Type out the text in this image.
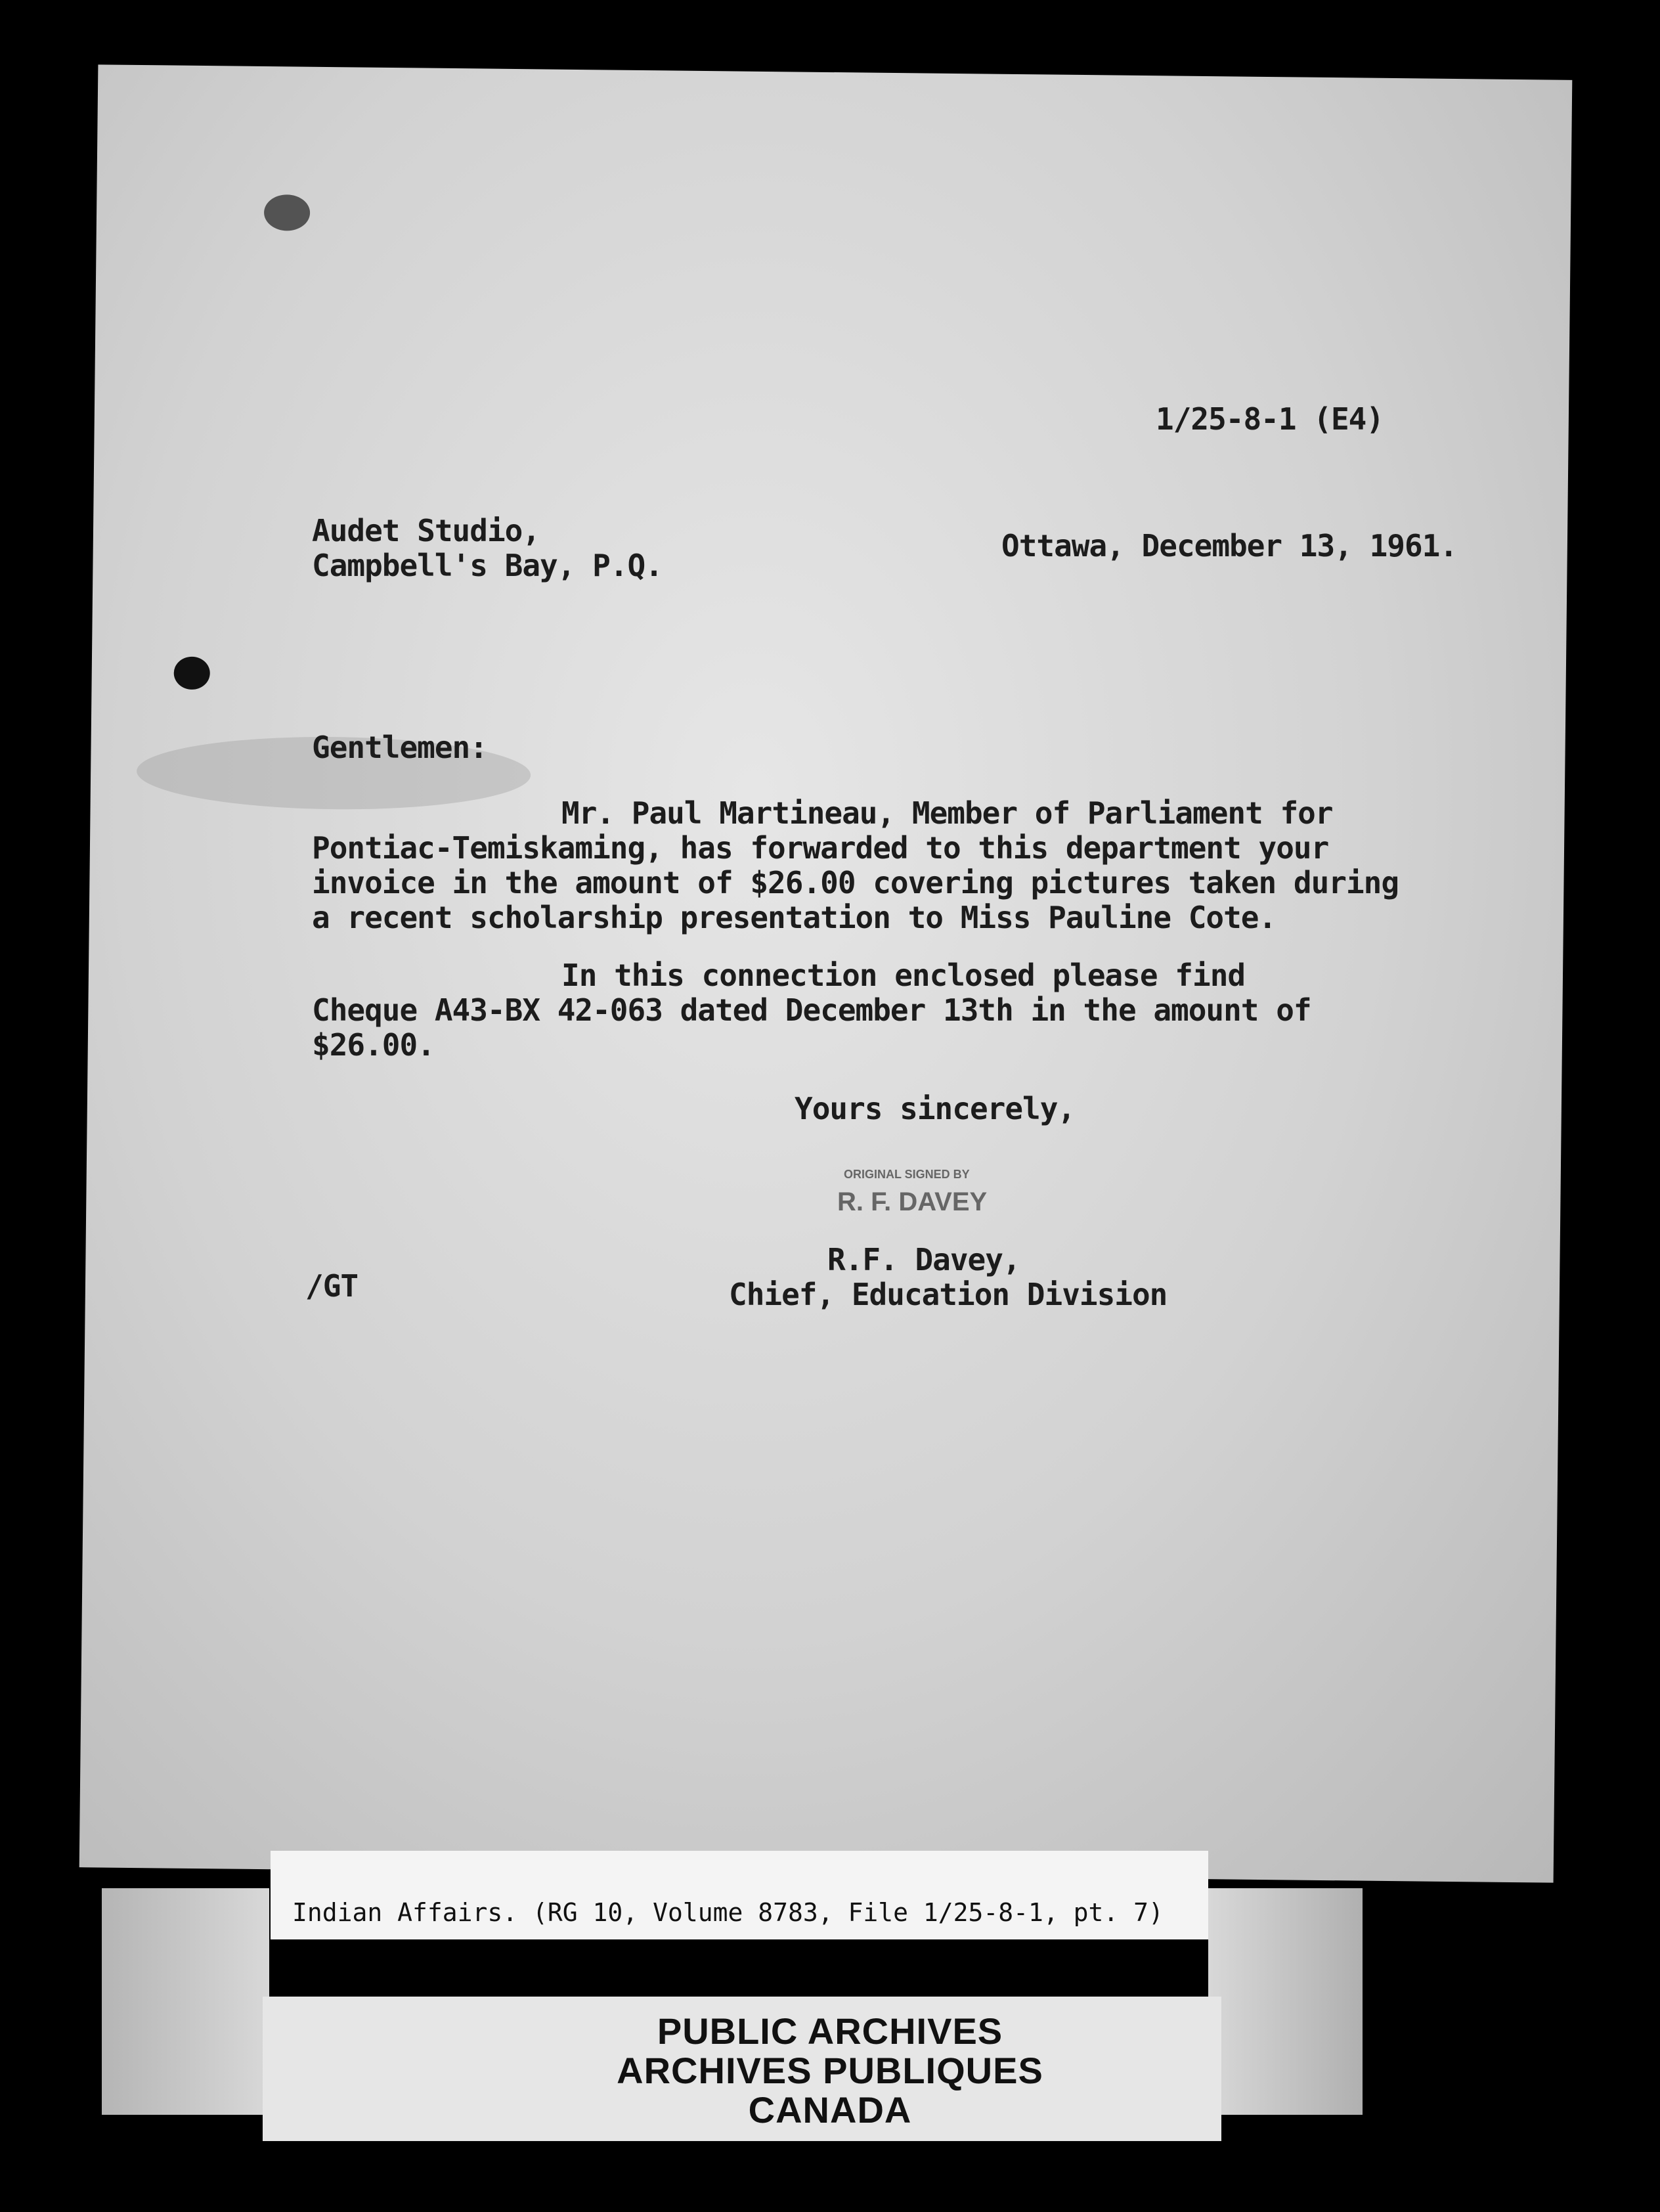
1/25-8-1 (E4)
Audet Studio,
Campbell's Bay, P.Q.
Ottawa, December 13, 1961.
Gentlemen:
Mr. Paul Martineau, Member of Parliament for
Pontiac-Temiskaming, has forwarded to this department your
invoice in the amount of $26.00 covering pictures taken during
a recent scholarship presentation to Miss Pauline Cote.
In this connection enclosed please find
Cheque A43-BX 42-063 dated December 13th in the amount of
$26.00.
Yours sincerely,
ORIGINAL SIGNED BY
R. F. DAVEY
R.F. Davey,
Chief, Education Division
/GT
Indian Affairs. (RG 10, Volume 8783, File 1/25-8-1, pt. 7)
PUBLIC ARCHIVES
ARCHIVES PUBLIQUES
CANADA
